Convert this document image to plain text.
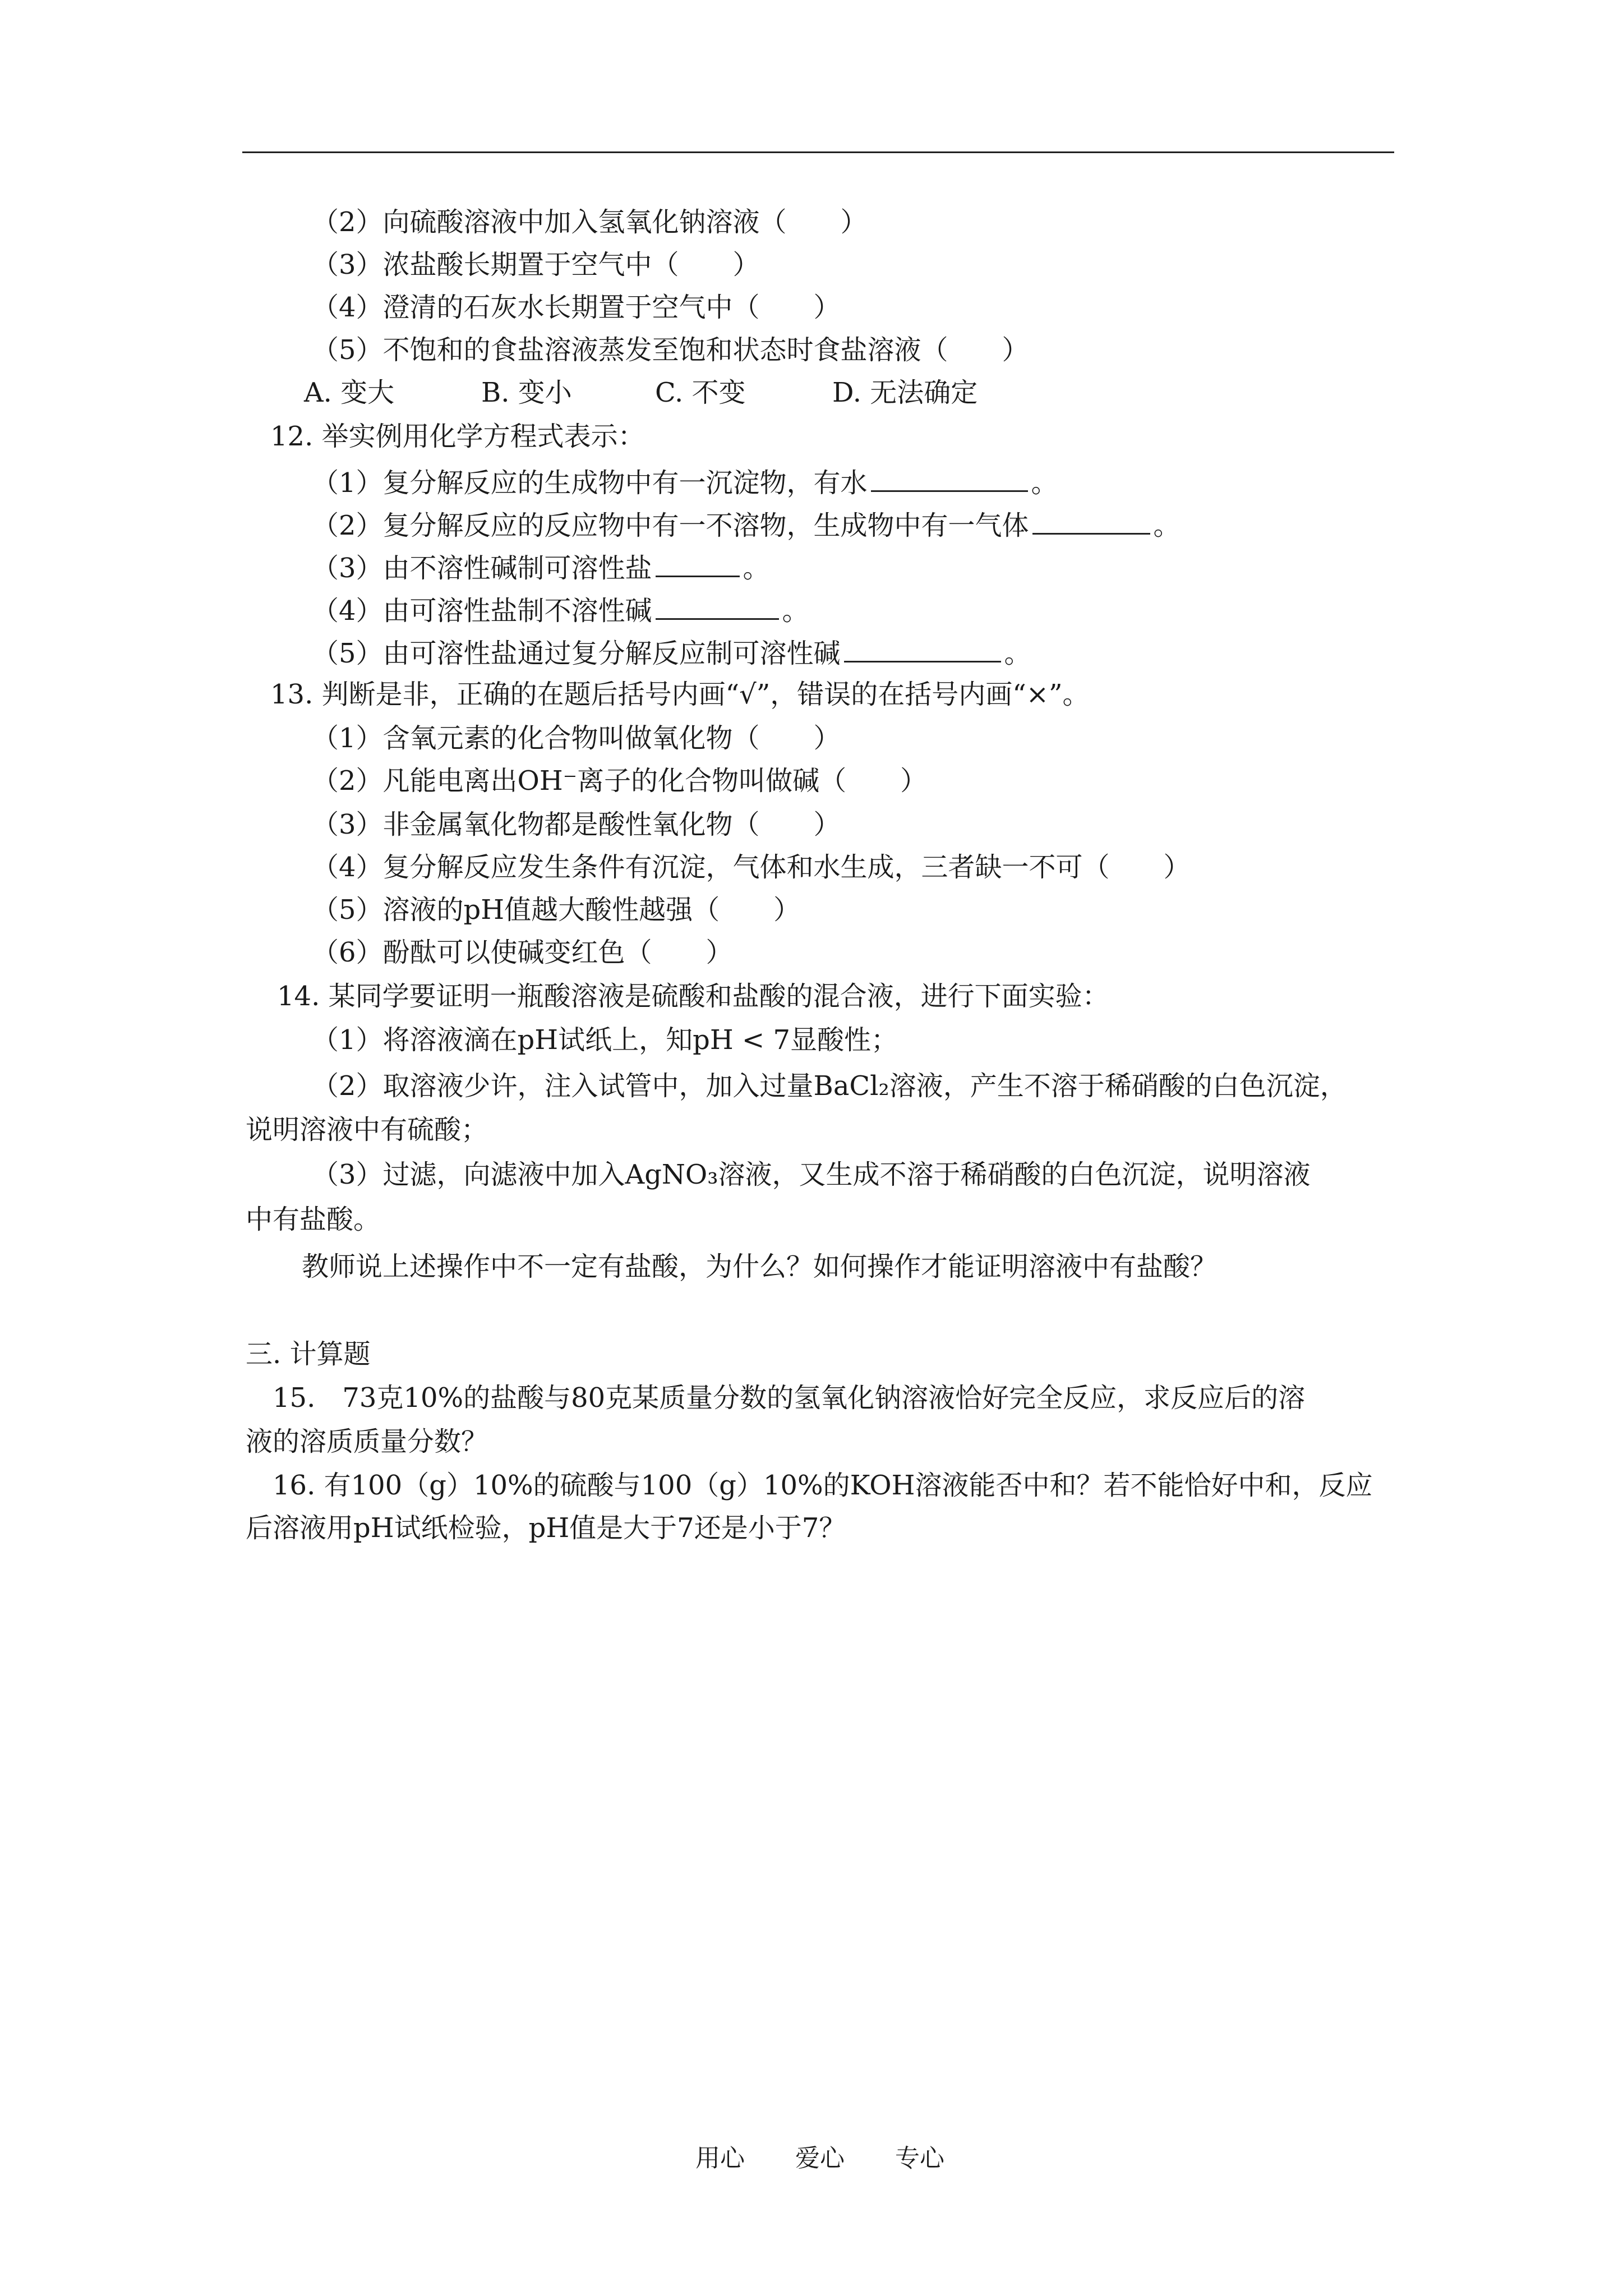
（2）向硫酸溶液中加入氢氧化钠溶液（　　）
（3）浓盐酸长期置于空气中（　　）
（4）澄清的石灰水长期置于空气中（　　）
（5）不饱和的食盐溶液蒸发至饱和状态时食盐溶液（　　）
A. 变大	B. 变小	C. 不变	D. 无法确定
12. 举实例用化学方程式表示：
（1）复分解反应的生成物中有一沉淀物，有水	。
（2）复分解反应的反应物中有一不溶物，生成物中有一气体	。
（3）由不溶性碱制可溶性盐	。
（4）由可溶性盐制不溶性碱	。
（5）由可溶性盐通过复分解反应制可溶性碱	。
13. 判断是非，正确的在题后括号内画“√”，错误的在括号内画“×”。
（1）含氧元素的化合物叫做氧化物（　　）
（2）凡能电离出OH⁻离子的化合物叫做碱（　　）
（3）非金属氧化物都是酸性氧化物（　　）
（4）复分解反应发生条件有沉淀，气体和水生成，三者缺一不可（　　）
（5）溶液的pH值越大酸性越强（　　）
（6）酚酞可以使碱变红色（　　）
14. 某同学要证明一瓶酸溶液是硫酸和盐酸的混合液，进行下面实验：
（1）将溶液滴在pH试纸上，知pH < 7显酸性；
（2）取溶液少许，注入试管中，加入过量BaCl₂溶液，产生不溶于稀硝酸的白色沉淀，
说明溶液中有硫酸；
（3）过滤，向滤液中加入AgNO₃溶液，又生成不溶于稀硝酸的白色沉淀，说明溶液
中有盐酸。
教师说上述操作中不一定有盐酸，为什么？如何操作才能证明溶液中有盐酸？
三. 计算题
15.　73克10%的盐酸与80克某质量分数的氢氧化钠溶液恰好完全反应，求反应后的溶
液的溶质质量分数？
16. 有100（g）10%的硫酸与100（g）10%的KOH溶液能否中和？若不能恰好中和，反应
后溶液用pH试纸检验，pH值是大于7还是小于7？
用心 爱心 专心
